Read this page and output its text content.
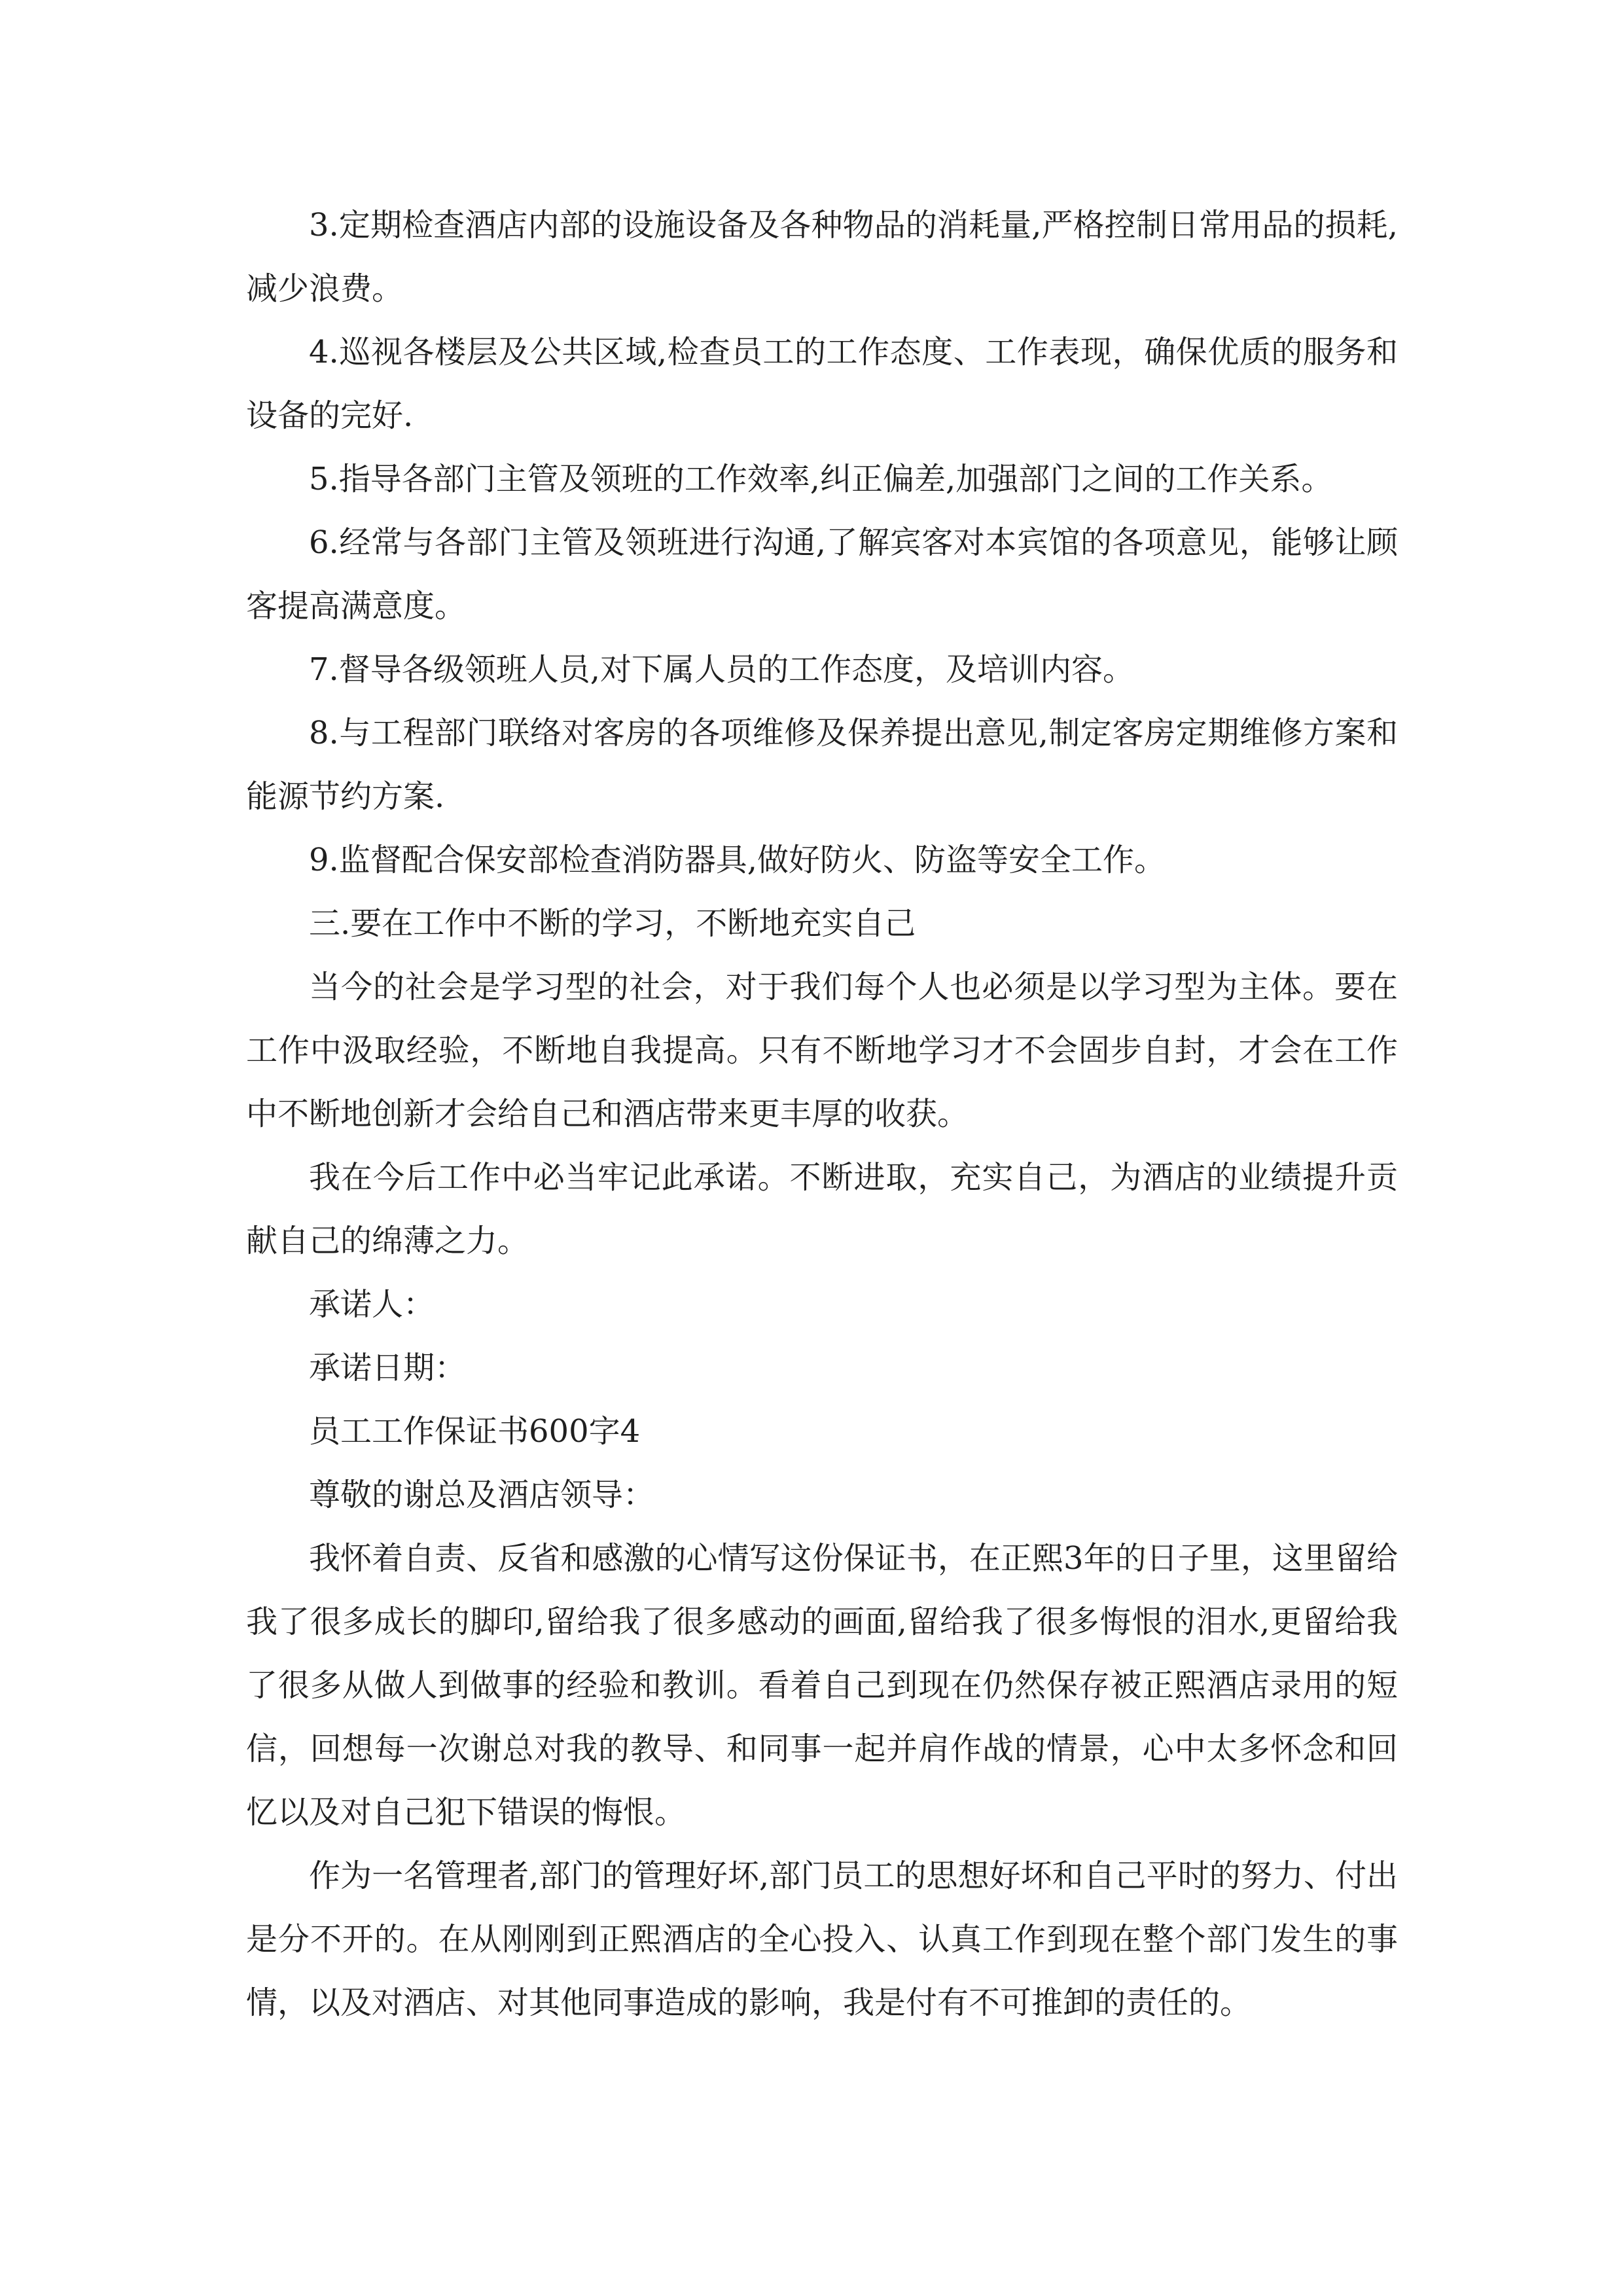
3.定期检查酒店内部的设施设备及各种物品的消耗量,严格控制日常用品的损耗,减少浪费。

4.巡视各楼层及公共区域,检查员工的工作态度、工作表现，确保优质的服务和设备的完好.

5.指导各部门主管及领班的工作效率,纠正偏差,加强部门之间的工作关系。

6.经常与各部门主管及领班进行沟通,了解宾客对本宾馆的各项意见，能够让顾客提高满意度。

7.督导各级领班人员,对下属人员的工作态度，及培训内容。

8.与工程部门联络对客房的各项维修及保养提出意见,制定客房定期维修方案和能源节约方案.

9.监督配合保安部检查消防器具,做好防火、防盗等安全工作。

三.要在工作中不断的学习，不断地充实自己

当今的社会是学习型的社会，对于我们每个人也必须是以学习型为主体。要在工作中汲取经验，不断地自我提高。只有不断地学习才不会固步自封，才会在工作中不断地创新才会给自己和酒店带来更丰厚的收获。

我在今后工作中必当牢记此承诺。不断进取，充实自己，为酒店的业绩提升贡献自己的绵薄之力。

承诺人：

承诺日期：

员工工作保证书600字4

尊敬的谢总及酒店领导：

我怀着自责、反省和感激的心情写这份保证书，在正熙3年的日子里，这里留给我了很多成长的脚印,留给我了很多感动的画面,留给我了很多悔恨的泪水,更留给我了很多从做人到做事的经验和教训。看着自己到现在仍然保存被正熙酒店录用的短信，回想每一次谢总对我的教导、和同事一起并肩作战的情景，心中太多怀念和回忆以及对自己犯下错误的悔恨。

作为一名管理者,部门的管理好坏,部门员工的思想好坏和自己平时的努力、付出是分不开的。在从刚刚到正熙酒店的全心投入、认真工作到现在整个部门发生的事情，以及对酒店、对其他同事造成的影响，我是付有不可推卸的责任的。
